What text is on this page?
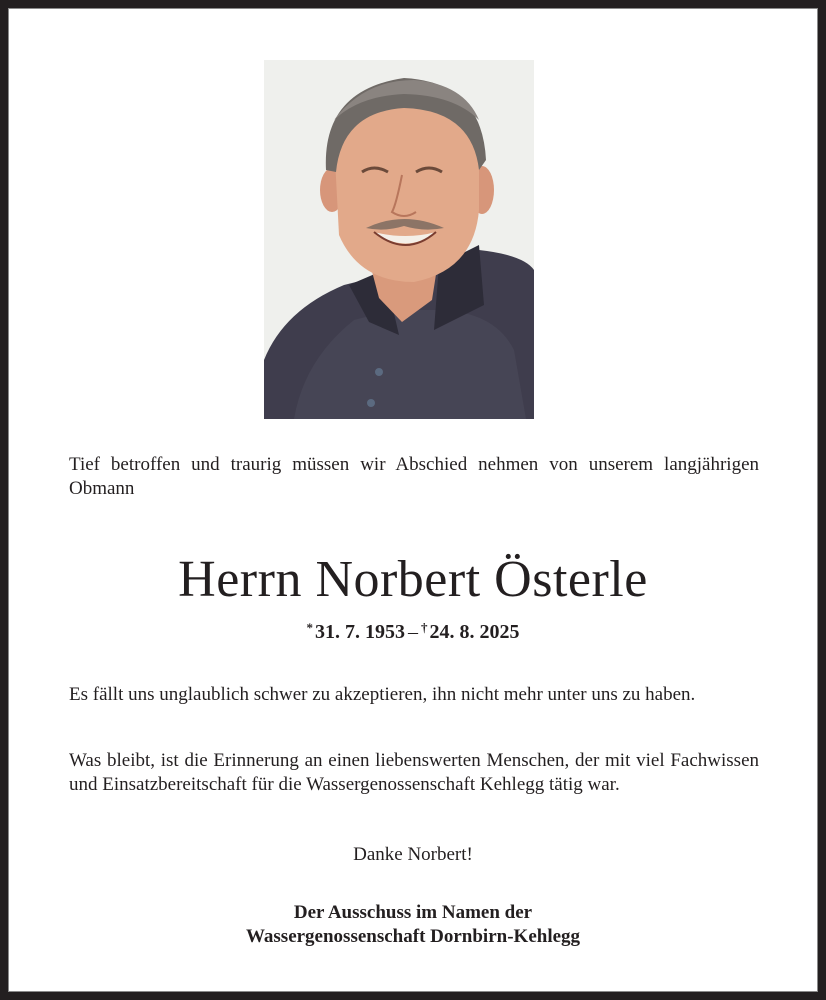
Tief betroffen und traurig müssen wir Abschied nehmen von unserem langjährigen Obmann
Herrn Norbert Österle
* 31. 7. 1953 – † 24. 8. 2025
Es fällt uns unglaublich schwer zu akzeptieren, ihn nicht mehr unter uns zu haben.
Was bleibt, ist die Erinnerung an einen liebenswerten Menschen, der mit viel Fachwissen und Einsatzbereitschaft für die Wassergenossenschaft Kehlegg tätig war.
Danke Norbert!
Der Ausschuss im Namen der
Wassergenossenschaft Dornbirn-Kehlegg
